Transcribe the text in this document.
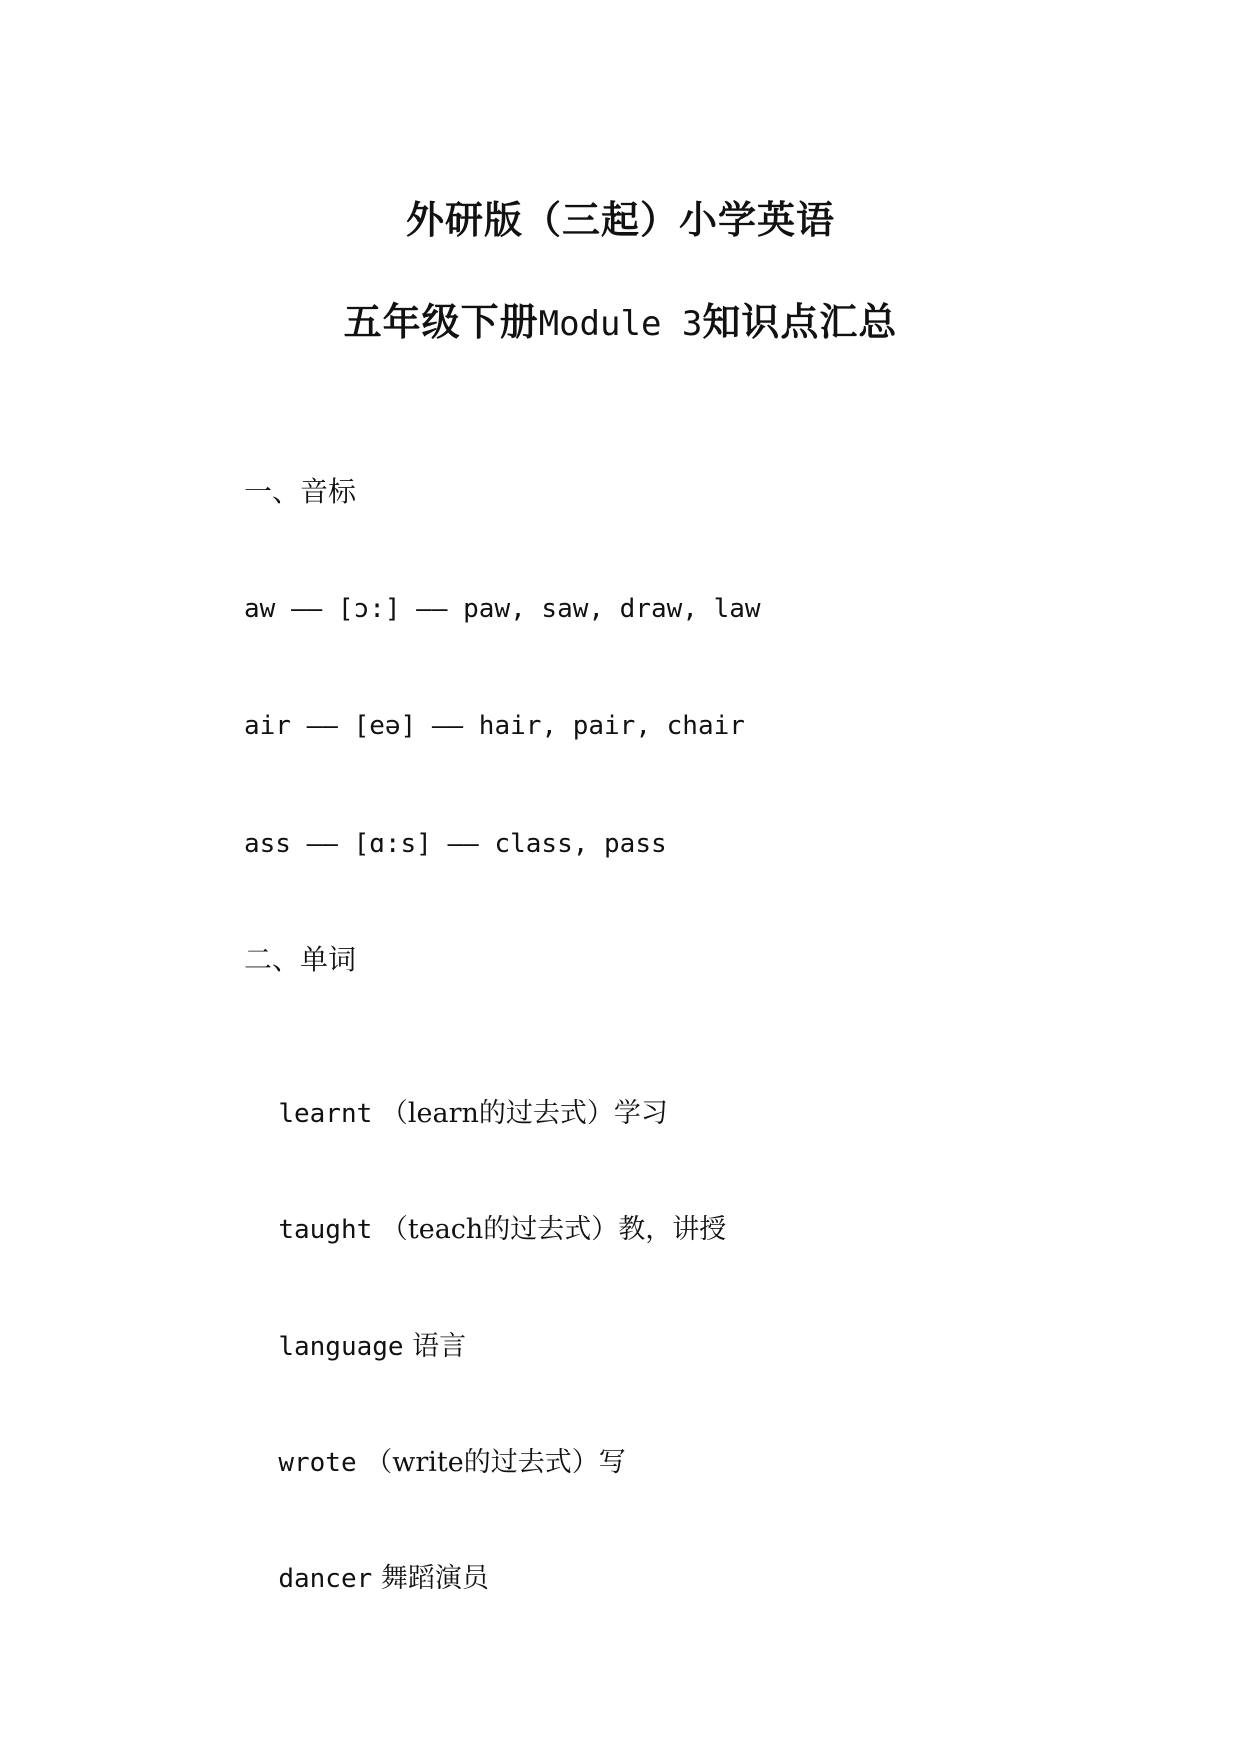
外研版（三起）小学英语
五年级下册Module 3知识点汇总
一、音标
aw —— [ɔ:] —— paw, saw, draw, law
air —— [eə] —— hair, pair, chair
ass —— [ɑ:s] —— class, pass
二、单词

learnt （learn的过去式）学习

taught （teach的过去式）教，讲授

language 语言

wrote （write的过去式）写

dancer 舞蹈演员
